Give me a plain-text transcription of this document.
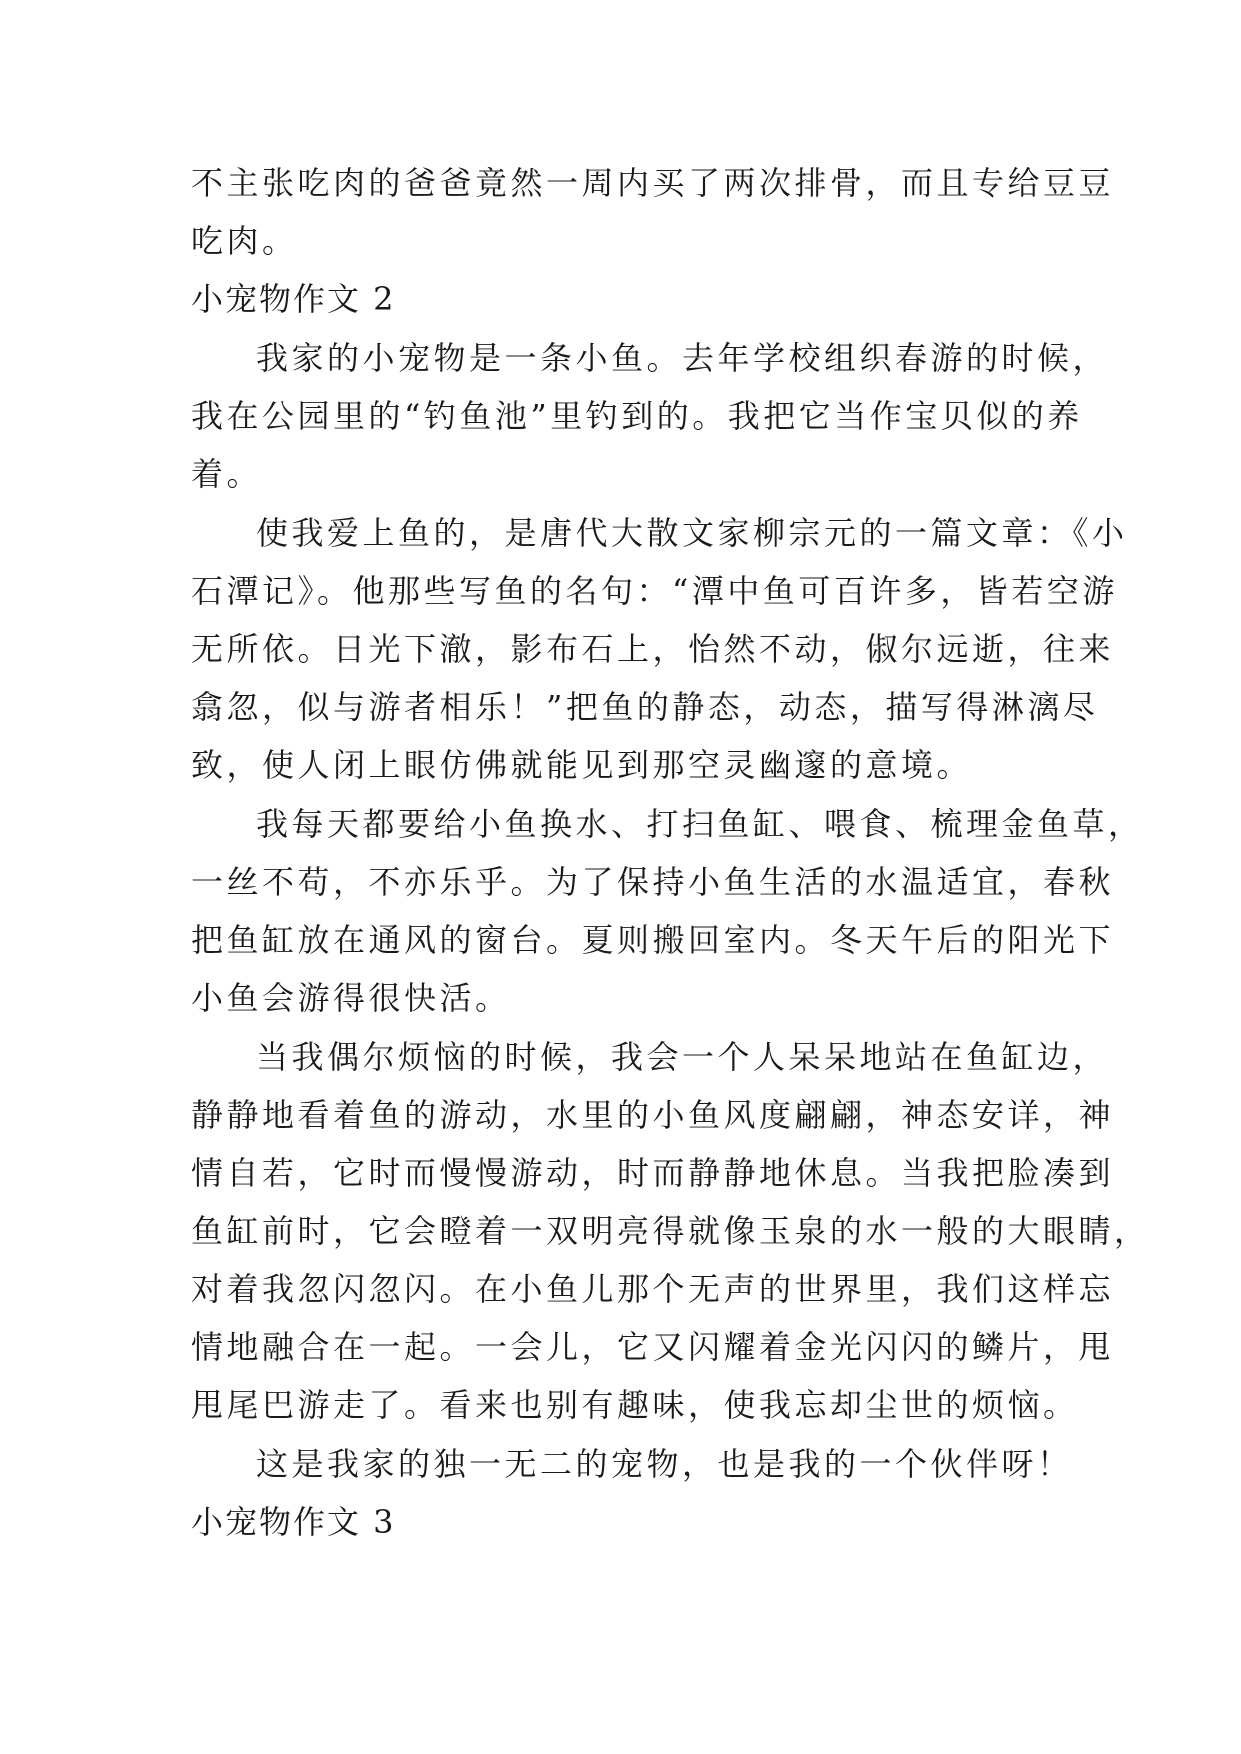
不主张吃肉的爸爸竟然一周内买了两次排骨，而且专给豆豆
吃肉。
小宠物作文 2
我家的小宠物是一条小鱼。去年学校组织春游的时候，
我在公园里的“钓鱼池”里钓到的。我把它当作宝贝似的养
着。
使我爱上鱼的，是唐代大散文家柳宗元的一篇文章：《小
石潭记》。他那些写鱼的名句：“潭中鱼可百许多，皆若空游
无所依。日光下澈，影布石上，怡然不动，俶尔远逝，往来
翕忽，似与游者相乐！”把鱼的静态，动态，描写得淋漓尽
致，使人闭上眼仿佛就能见到那空灵幽邃的意境。
我每天都要给小鱼换水、打扫鱼缸、喂食、梳理金鱼草，
一丝不苟，不亦乐乎。为了保持小鱼生活的水温适宜，春秋
把鱼缸放在通风的窗台。夏则搬回室内。冬天午后的阳光下
小鱼会游得很快活。
当我偶尔烦恼的时候，我会一个人呆呆地站在鱼缸边，
静静地看着鱼的游动，水里的小鱼风度翩翩，神态安详，神
情自若，它时而慢慢游动，时而静静地休息。当我把脸凑到
鱼缸前时，它会瞪着一双明亮得就像玉泉的水一般的大眼睛，
对着我忽闪忽闪。在小鱼儿那个无声的世界里，我们这样忘
情地融合在一起。一会儿，它又闪耀着金光闪闪的鳞片，甩
甩尾巴游走了。看来也别有趣味，使我忘却尘世的烦恼。
这是我家的独一无二的宠物，也是我的一个伙伴呀！
小宠物作文 3
